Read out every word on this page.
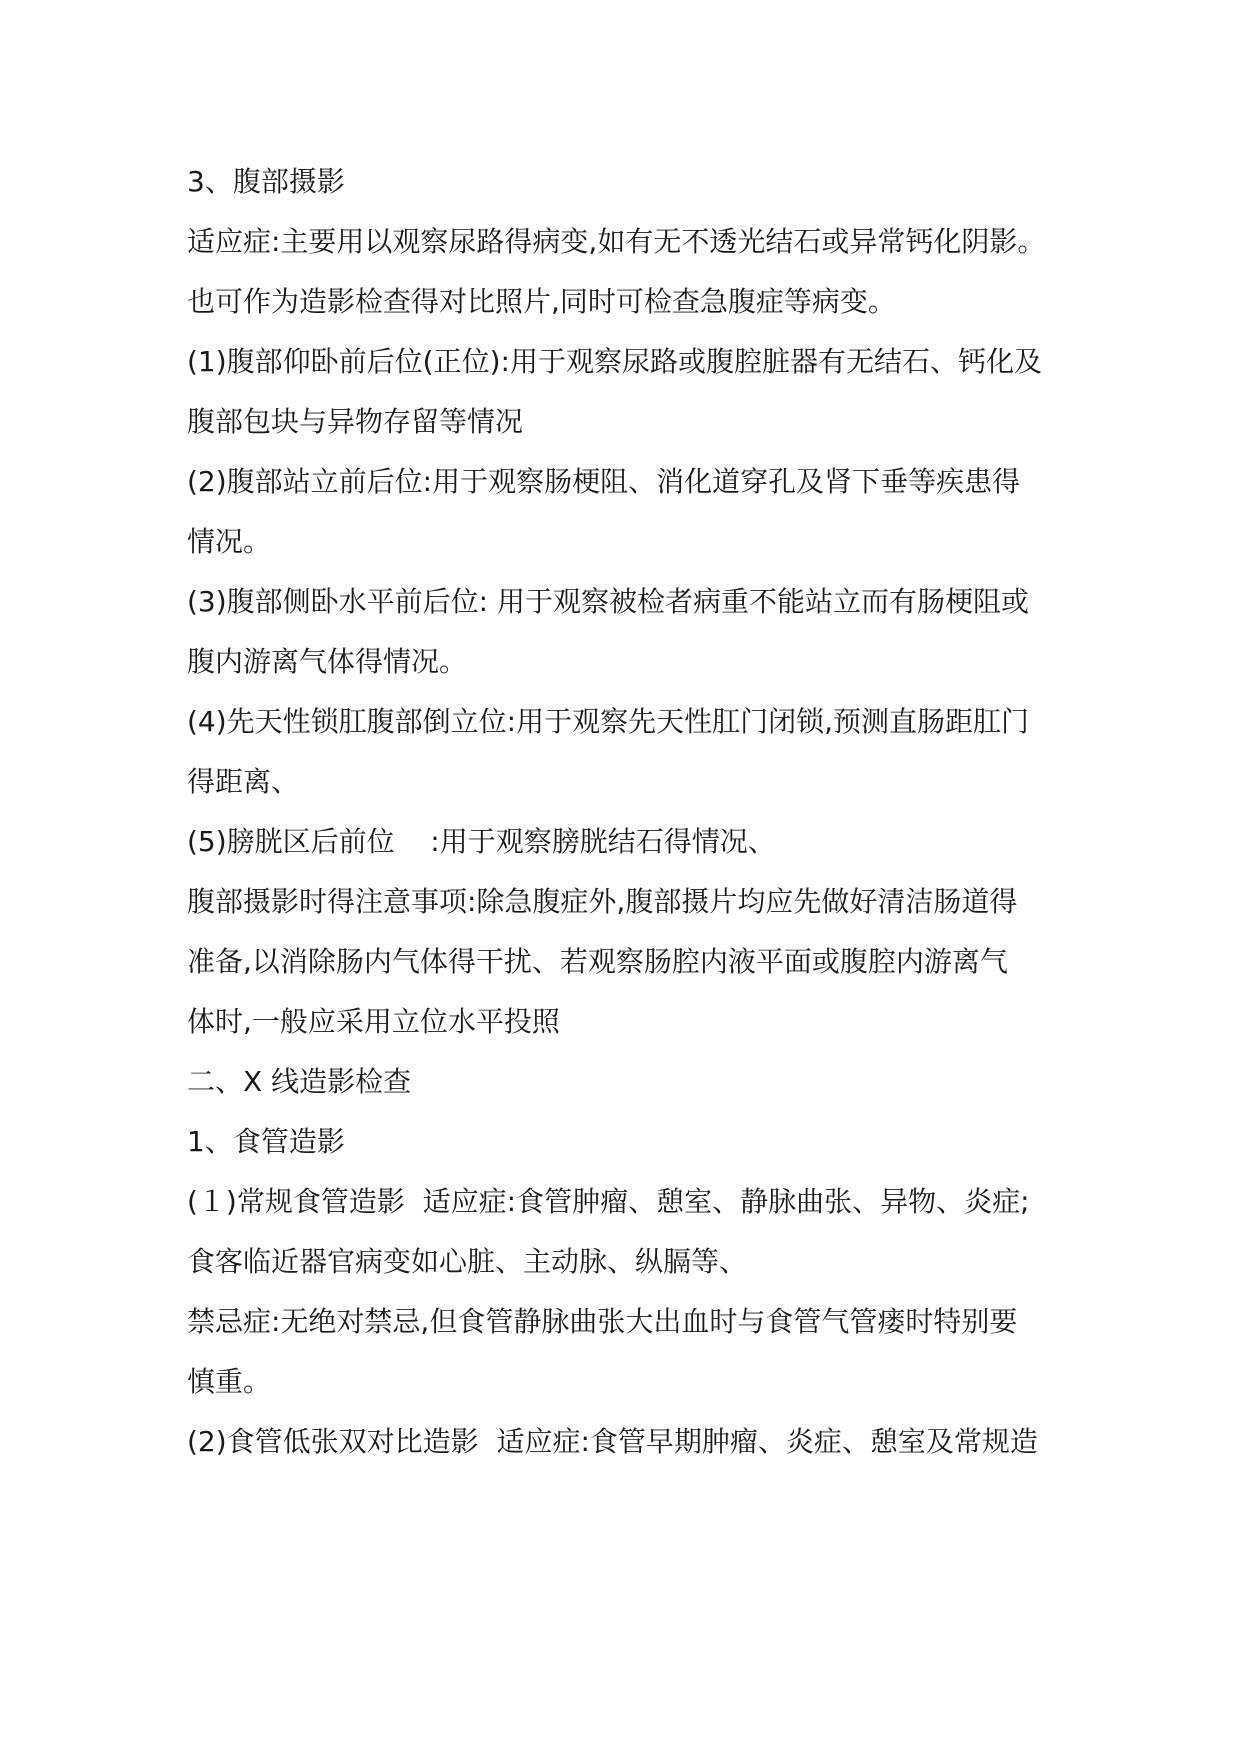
3、腹部摄影

适应症:主要用以观察尿路得病变,如有无不透光结石或异常钙化阴影。

也可作为造影检查得对比照片,同时可检查急腹症等病变。

(1)腹部仰卧前后位(正位):用于观察尿路或腹腔脏器有无结石、钙化及

腹部包块与异物存留等情况

(2)腹部站立前后位:用于观察肠梗阻、消化道穿孔及肾下垂等疾患得

情况。

(3)腹部侧卧水平前后位: 用于观察被检者病重不能站立而有肠梗阻或

腹内游离气体得情况。

(4)先天性锁肛腹部倒立位:用于观察先天性肛门闭锁,预测直肠距肛门

得距离、

(5)膀胱区后前位    :用于观察膀胱结石得情况、

腹部摄影时得注意事项:除急腹症外,腹部摄片均应先做好清洁肠道得

准备,以消除肠内气体得干扰、若观察肠腔内液平面或腹腔内游离气

体时,一般应采用立位水平投照

二、X 线造影检查

1、食管造影

(１)常规食管造影  适应症:食管肿瘤、憩室、静脉曲张、异物、炎症;

食客临近器官病变如心脏、主动脉、纵膈等、

禁忌症:无绝对禁忌,但食管静脉曲张大出血时与食管气管瘘时特别要

慎重。

(2)食管低张双对比造影  适应症:食管早期肿瘤、炎症、憩室及常规造
